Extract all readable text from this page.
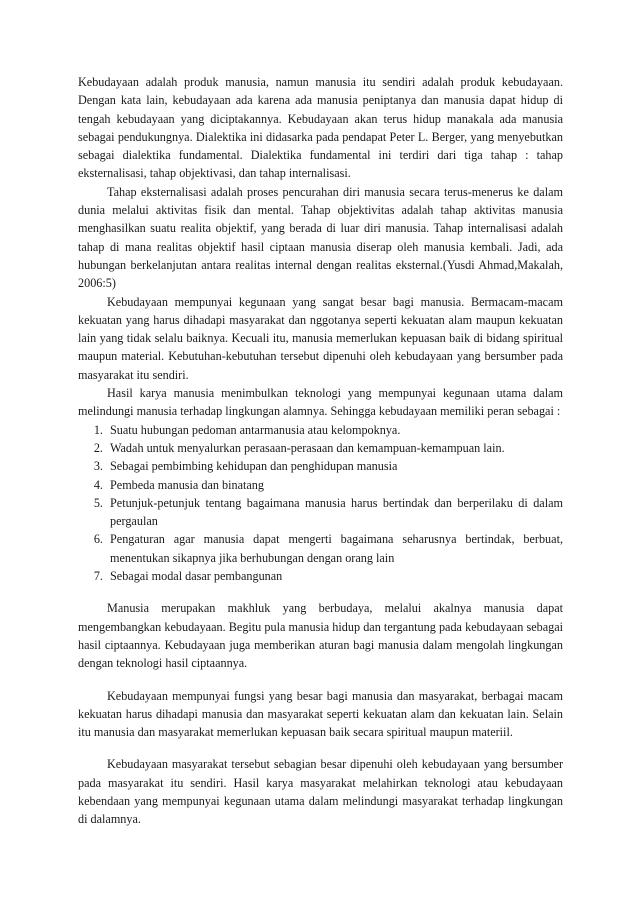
Kebudayaan adalah produk manusia, namun manusia itu sendiri adalah produk kebudayaan. Dengan kata lain, kebudayaan ada karena ada manusia peniptanya dan manusia dapat hidup di tengah kebudayaan yang diciptakannya. Kebudayaan akan terus hidup manakala ada manusia sebagai pendukungnya. Dialektika ini didasarka pada pendapat Peter L. Berger, yang menyebutkan sebagai dialektika fundamental. Dialektika fundamental ini terdiri dari tiga tahap : tahap eksternalisasi, tahap objektivasi, dan tahap internalisasi.

Tahap eksternalisasi adalah proses pencurahan diri manusia secara terus-menerus ke dalam dunia melalui aktivitas fisik dan mental. Tahap objektivitas adalah tahap aktivitas manusia menghasilkan suatu realita objektif, yang berada di luar diri manusia. Tahap internalisasi adalah tahap di mana realitas objektif hasil ciptaan manusia diserap oleh manusia kembali. Jadi, ada hubungan berkelanjutan antara realitas internal dengan realitas eksternal.(Yusdi Ahmad,Makalah, 2006:5)

Kebudayaan mempunyai kegunaan yang sangat besar bagi manusia. Bermacam-macam kekuatan yang harus dihadapi masyarakat dan nggotanya seperti kekuatan alam maupun kekuatan lain yang tidak selalu baiknya. Kecuali itu, manusia memerlukan kepuasan baik di bidang spiritual maupun material. Kebutuhan-kebutuhan tersebut dipenuhi oleh kebudayaan yang bersumber pada masyarakat itu sendiri.

Hasil karya manusia menimbulkan teknologi yang mempunyai kegunaan utama dalam melindungi manusia terhadap lingkungan alamnya. Sehingga kebudayaan memiliki peran sebagai :

1. Suatu hubungan pedoman antarmanusia atau kelompoknya.
2. Wadah untuk menyalurkan perasaan-perasaan dan kemampuan-kemampuan lain.
3. Sebagai pembimbing kehidupan dan penghidupan manusia
4. Pembeda manusia dan binatang
5. Petunjuk-petunjuk tentang bagaimana manusia harus bertindak dan berperilaku di dalam pergaulan
6. Pengaturan agar manusia dapat mengerti bagaimana seharusnya bertindak, berbuat, menentukan sikapnya jika berhubungan dengan orang lain
7. Sebagai modal dasar pembangunan

Manusia merupakan makhluk yang berbudaya, melalui akalnya manusia dapat mengembangkan kebudayaan. Begitu pula manusia hidup dan tergantung pada kebudayaan sebagai hasil ciptaannya. Kebudayaan juga memberikan aturan bagi manusia dalam mengolah lingkungan dengan teknologi hasil ciptaannya.

Kebudayaan mempunyai fungsi yang besar bagi manusia dan masyarakat, berbagai macam kekuatan harus dihadapi manusia dan masyarakat seperti kekuatan alam dan kekuatan lain. Selain itu manusia dan masyarakat memerlukan kepuasan baik secara spiritual maupun materiil.

Kebudayaan masyarakat tersebut sebagian besar dipenuhi oleh kebudayaan yang bersumber pada masyarakat itu sendiri. Hasil karya masyarakat melahirkan teknologi atau kebudayaan kebendaan yang mempunyai kegunaan utama dalam melindungi masyarakat terhadap lingkungan di dalamnya.
